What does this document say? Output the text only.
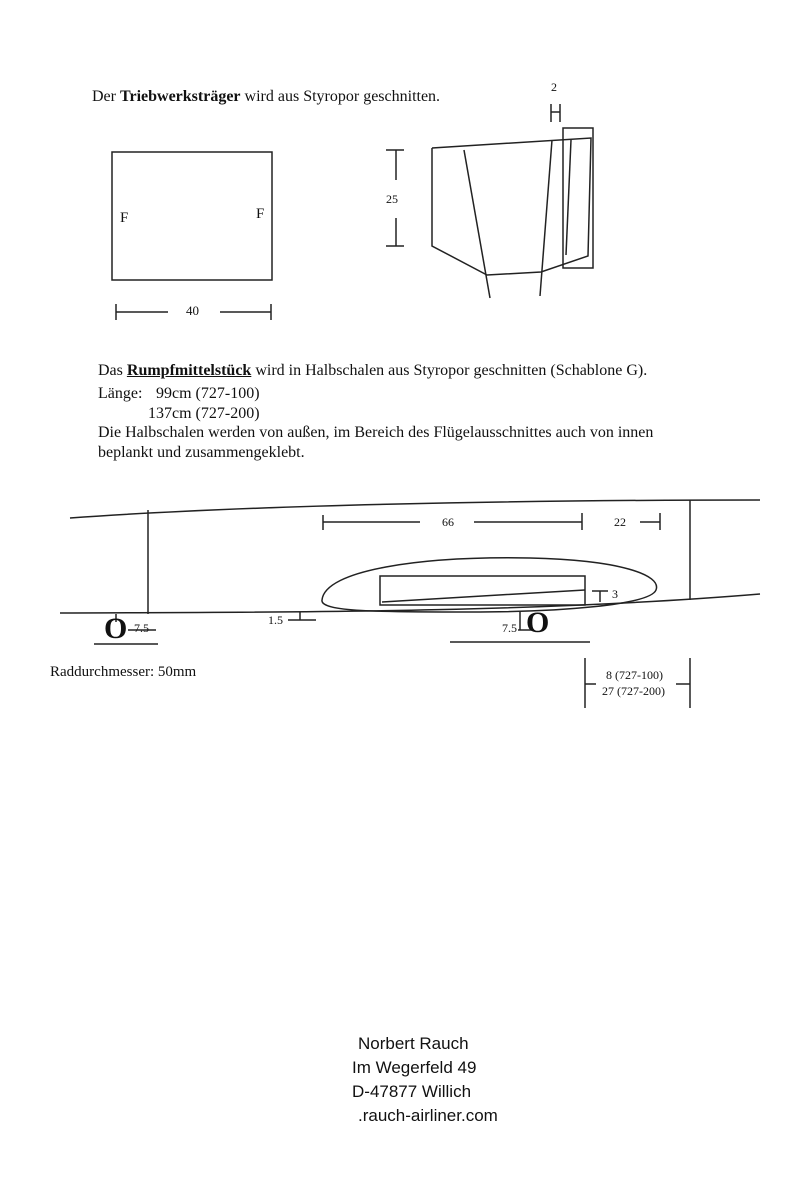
Der Triebwerksträger wird aus Styropor geschnitten.
F	F
40
25
2
Das Rumpfmittelstück wird in Halbschalen aus Styropor geschnitten (Schablone G).
Länge: 99cm (727-100)
137cm (727-200)
Die Halbschalen werden von außen, im Bereich des Flügelausschnittes auch von innen
beplankt und zusammengeklebt.
66	22
3
1.5
7.5	7.5
O	O
Raddurchmesser: 50mm	8 (727-100)
27 (727-200)
Norbert Rauch
Im Wegerfeld 49
D-47877 Willich
.rauch-airliner.com
